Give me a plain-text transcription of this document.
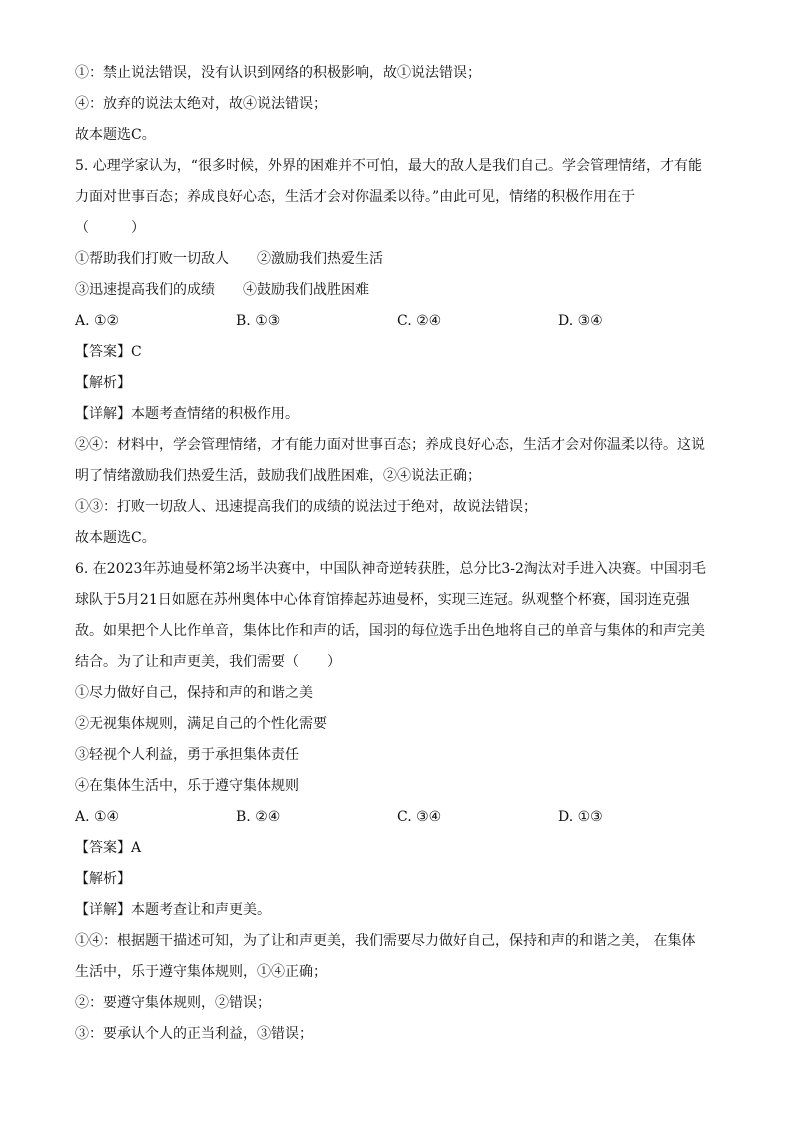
①：禁止说法错误，没有认识到网络的积极影响，故①说法错误；
④：放弃的说法太绝对，故④说法错误；
故本题选C。
5. 心理学家认为，“很多时候，外界的困难并不可怕，最大的敌人是我们自己。学会管理情绪，才有能
力面对世事百态；养成良好心态，生活才会对你温柔以待。”由此可见，情绪的积极作用在于
（　　　）
①帮助我们打败一切敌人　　②激励我们热爱生活
③迅速提高我们的成绩　　④鼓励我们战胜困难
A. ①②	B. ①③	C. ②④	D. ③④
【答案】C
【解析】
【详解】本题考查情绪的积极作用。
②④：材料中，学会管理情绪，才有能力面对世事百态；养成良好心态，生活才会对你温柔以待。这说
明了情绪激励我们热爱生活，鼓励我们战胜困难，②④说法正确；
①③：打败一切敌人、迅速提高我们的成绩的说法过于绝对，故说法错误；
故本题选C。
6. 在2023年苏迪曼杯第2场半决赛中，中国队神奇逆转获胜，总分比3-2淘汰对手进入决赛。中国羽毛
球队于5月21日如愿在苏州奥体中心体育馆捧起苏迪曼杯，实现三连冠。纵观整个杯赛，国羽连克强
敌。如果把个人比作单音，集体比作和声的话，国羽的每位选手出色地将自己的单音与集体的和声完美
结合。为了让和声更美，我们需要（　　）
①尽力做好自己，保持和声的和谐之美
②无视集体规则，满足自己的个性化需要
③轻视个人利益，勇于承担集体责任
④在集体生活中，乐于遵守集体规则
A. ①④	B. ②④	C. ③④	D. ①③
【答案】A
【解析】
【详解】本题考查让和声更美。
①④：根据题干描述可知，为了让和声更美，我们需要尽力做好自己，保持和声的和谐之美， 在集体
生活中，乐于遵守集体规则，①④正确；
②：要遵守集体规则，②错误；
③：要承认个人的正当利益，③错误；
